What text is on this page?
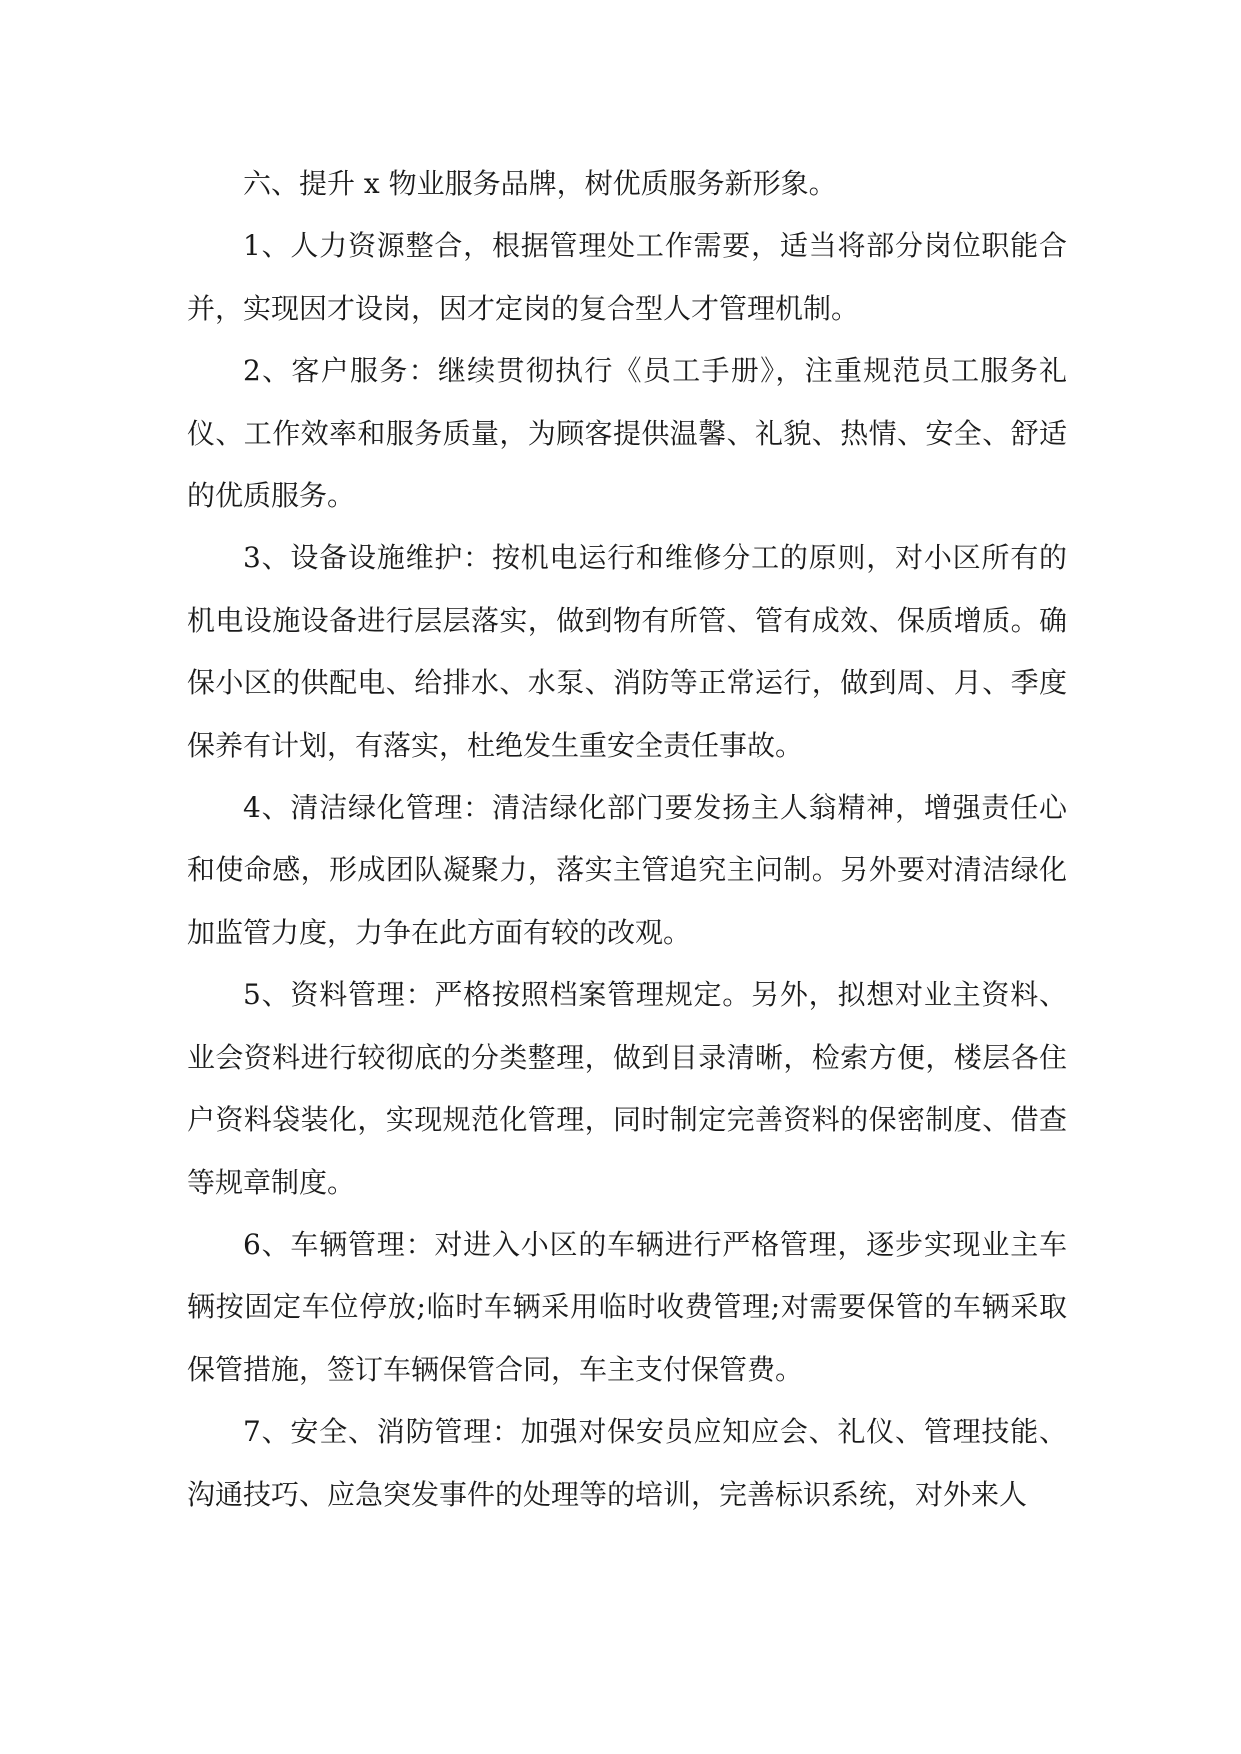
六、提升 x 物业服务品牌，树优质服务新形象。

1、人力资源整合，根据管理处工作需要，适当将部分岗位职能合并，实现因才设岗，因才定岗的复合型人才管理机制。

2、客户服务：继续贯彻执行《员工手册》，注重规范员工服务礼仪、工作效率和服务质量，为顾客提供温馨、礼貌、热情、安全、舒适的优质服务。

3、设备设施维护：按机电运行和维修分工的原则，对小区所有的机电设施设备进行层层落实，做到物有所管、管有成效、保质增质。确保小区的供配电、给排水、水泵、消防等正常运行，做到周、月、季度保养有计划，有落实，杜绝发生重安全责任事故。

4、清洁绿化管理：清洁绿化部门要发扬主人翁精神，增强责任心和使命感，形成团队凝聚力，落实主管追究主问制。另外要对清洁绿化加监管力度，力争在此方面有较的改观。

5、资料管理：严格按照档案管理规定。另外，拟想对业主资料、业会资料进行较彻底的分类整理，做到目录清晰，检索方便，楼层各住户资料袋装化，实现规范化管理，同时制定完善资料的保密制度、借查等规章制度。

6、车辆管理：对进入小区的车辆进行严格管理，逐步实现业主车辆按固定车位停放;临时车辆采用临时收费管理;对需要保管的车辆采取保管措施，签订车辆保管合同，车主支付保管费。

7、安全、消防管理：加强对保安员应知应会、礼仪、管理技能、沟通技巧、应急突发事件的处理等的培训，完善标识系统，对外来人
